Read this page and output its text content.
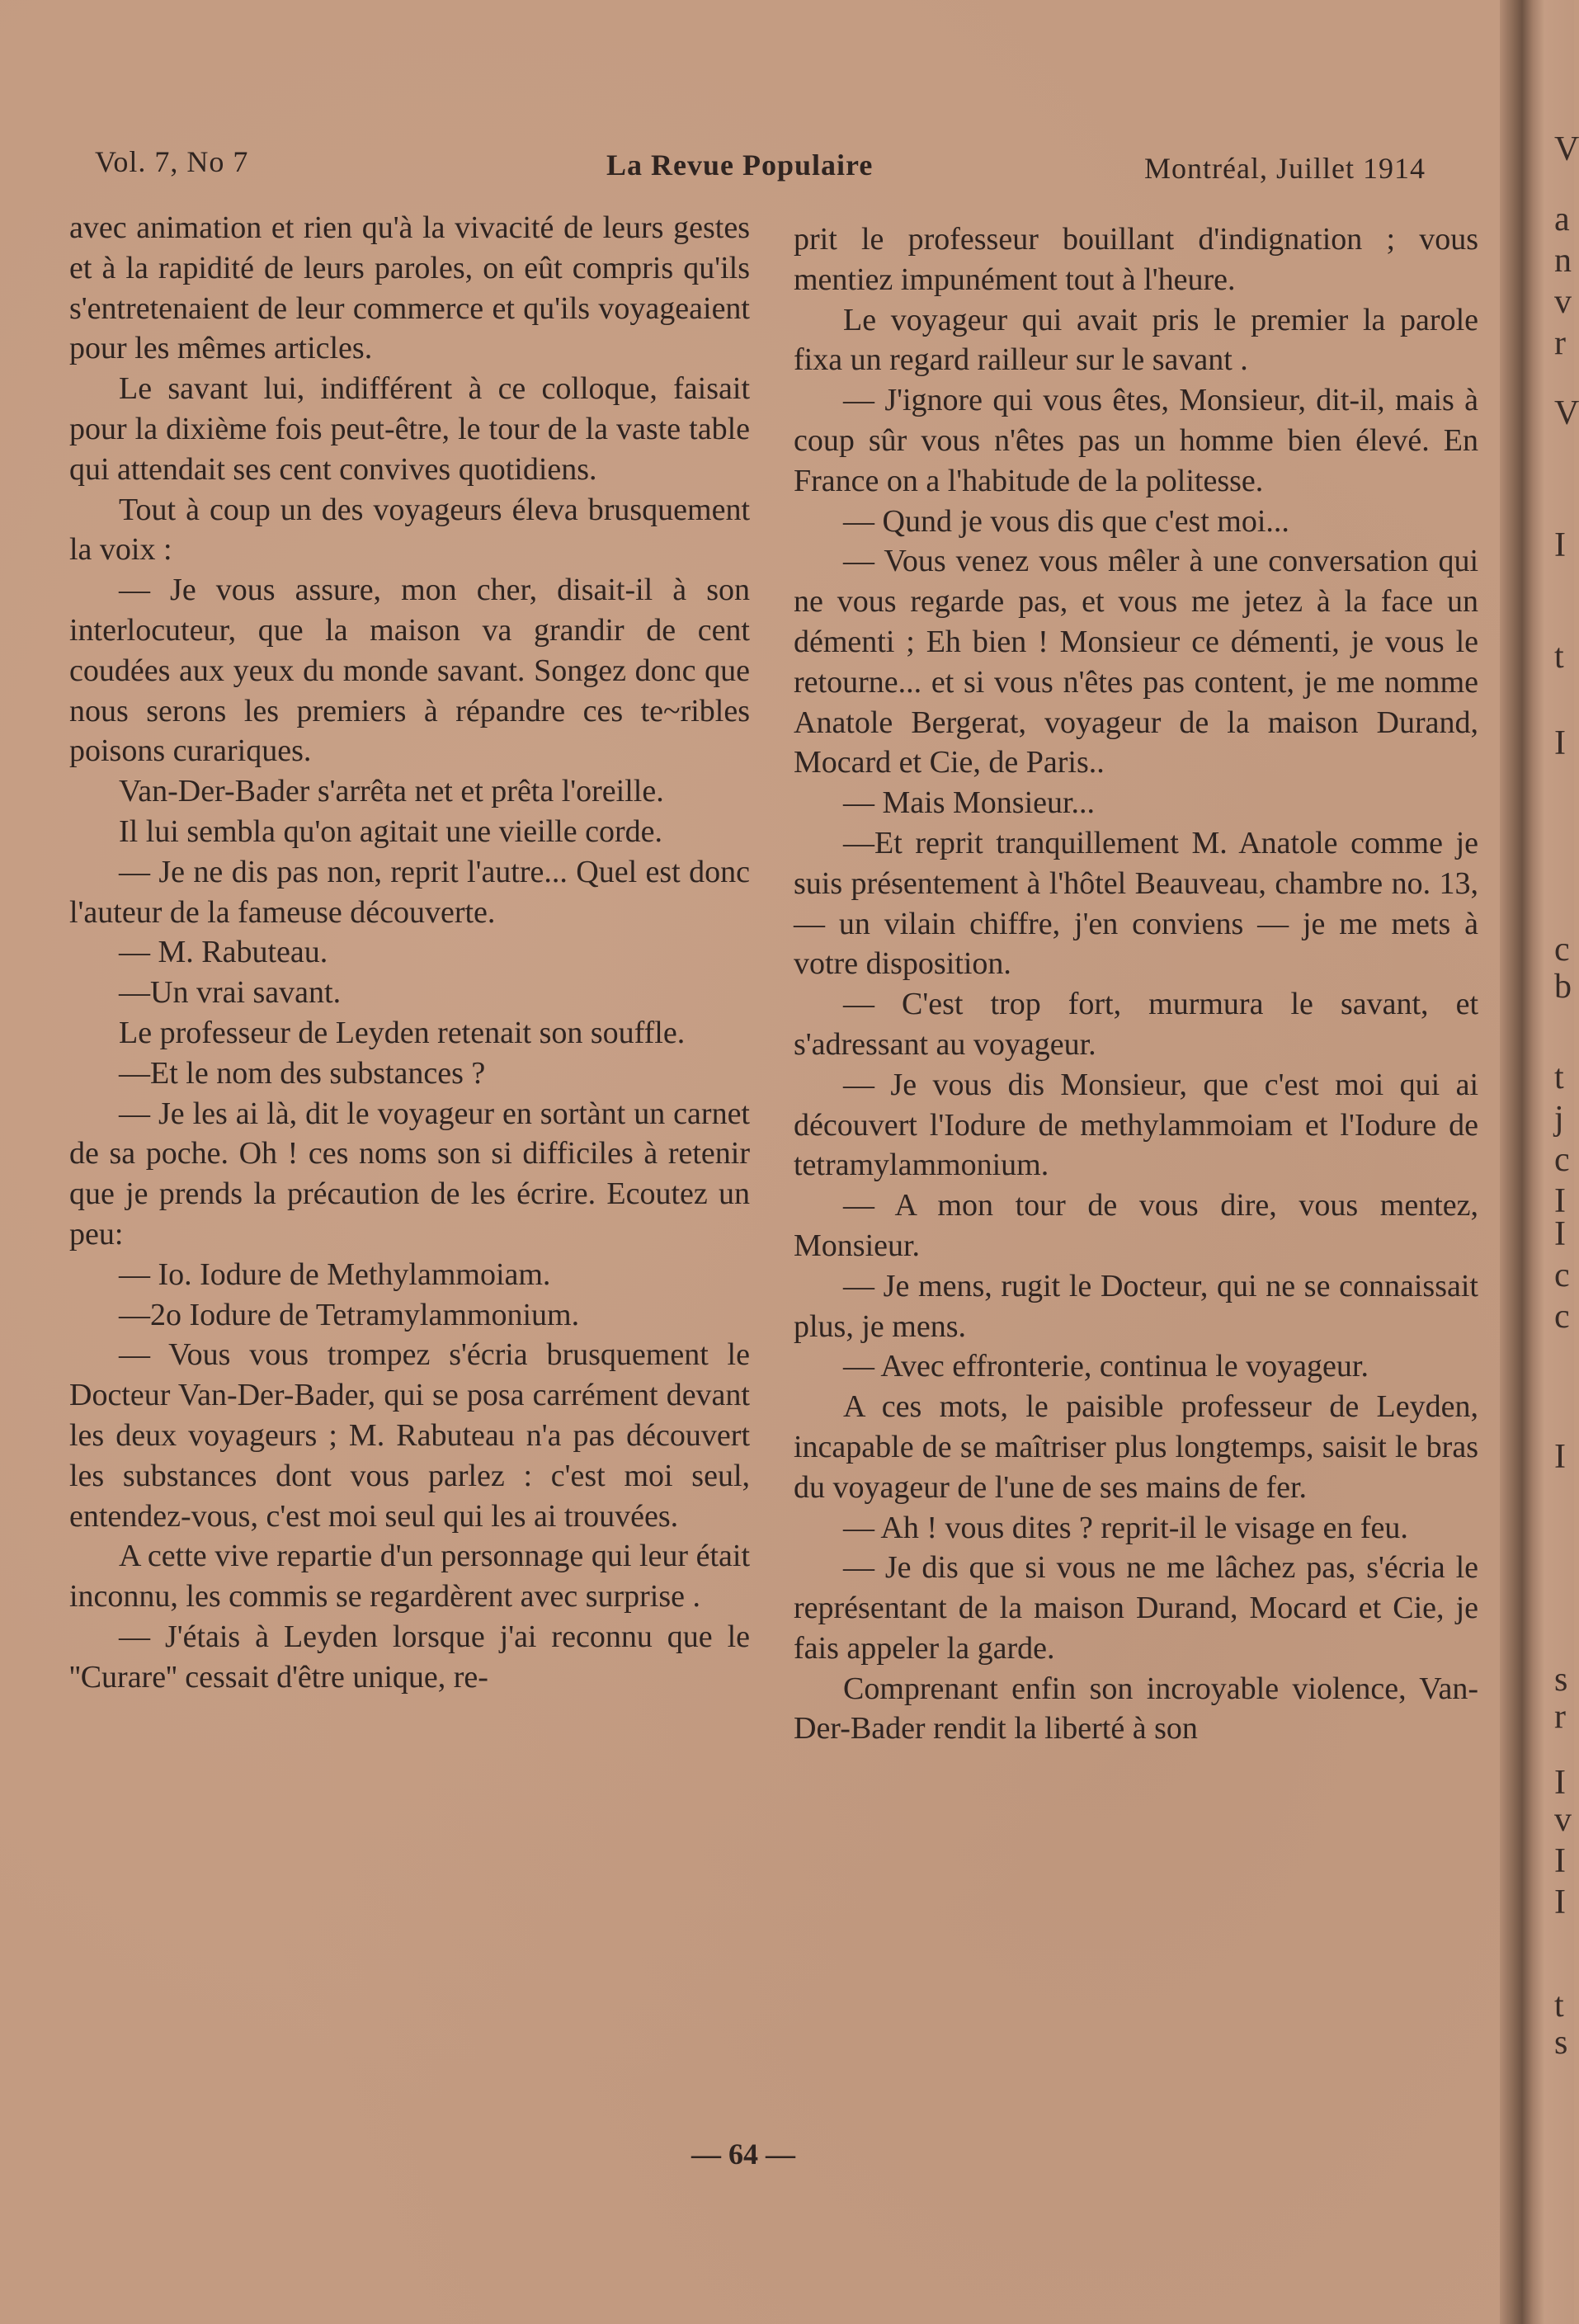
Vol. 7, No 7	La Revue Populaire	Montréal, Juillet 1914

avec animation et rien qu'à la vivacité de leurs gestes et à la rapidité de leurs paroles, on eût compris qu'ils s'entretenaient de leur commerce et qu'ils voyageaient pour les mêmes articles.

Le savant lui, indifférent à ce colloque, faisait pour la dixième fois peut-être, le tour de la vaste table qui attendait ses cent convives quotidiens.

Tout à coup un des voyageurs éleva brusquement la voix :

— Je vous assure, mon cher, disait-il à son interlocuteur, que la maison va grandir de cent coudées aux yeux du monde savant. Songez donc que nous serons les premiers à répandre ces te~ribles poisons curariques.

Van-Der-Bader s'arrêta net et prêta l'oreille.

Il lui sembla qu'on agitait une vieille corde.

— Je ne dis pas non, reprit l'autre... Quel est donc l'auteur de la fameuse découverte.

— M. Rabuteau.

—Un vrai savant.

Le professeur de Leyden retenait son souffle.

—Et le nom des substances ?

— Je les ai là, dit le voyageur en sortànt un carnet de sa poche. Oh ! ces noms son si difficiles à retenir que je prends la précaution de les écrire. Ecoutez un peu:

— Io. Iodure de Methylammoiam.

—2o Iodure de Tetramylammonium.

— Vous vous trompez s'écria brusquement le Docteur Van-Der-Bader, qui se posa carrément devant les deux voyageurs ; M. Rabuteau n'a pas découvert les substances dont vous parlez : c'est moi seul, entendez-vous, c'est moi seul qui les ai trouvées.

A cette vive repartie d'un personnage qui leur était inconnu, les commis se regardèrent avec surprise .

— J'étais à Leyden lorsque j'ai reconnu que le ''Curare'' cessait d'être unique, re-

prit le professeur bouillant d'indignation ; vous mentiez impunément tout à l'heure.

Le voyageur qui avait pris le premier la parole fixa un regard railleur sur le savant .

— J'ignore qui vous êtes, Monsieur, dit-il, mais à coup sûr vous n'êtes pas un homme bien élevé. En France on a l'habitude de la politesse.

— Qund je vous dis que c'est moi...

— Vous venez vous mêler à une conversation qui ne vous regarde pas, et vous me jetez à la face un démenti ; Eh bien ! Monsieur ce démenti, je vous le retourne... et si vous n'êtes pas content, je me nomme Anatole Bergerat, voyageur de la maison Durand, Mocard et Cie, de Paris..

— Mais Monsieur...

—Et reprit tranquillement M. Anatole comme je suis présentement à l'hôtel Beauveau, chambre no. 13, — un vilain chiffre, j'en conviens — je me mets à votre disposition.

— C'est trop fort, murmura le savant, et s'adressant au voyageur.

— Je vous dis Monsieur, que c'est moi qui ai découvert l'Iodure de methylammoiam et l'Iodure de tetramylammonium.

— A mon tour de vous dire, vous mentez, Monsieur.

— Je mens, rugit le Docteur, qui ne se connaissait plus, je mens.

— Avec effronterie, continua le voyageur.

A ces mots, le paisible professeur de Leyden, incapable de se maîtriser plus longtemps, saisit le bras du voyageur de l'une de ses mains de fer.

— Ah ! vous dites ? reprit-il le visage en feu.

— Je dis que si vous ne me lâchez pas, s'écria le représentant de la maison Durand, Mocard et Cie, je fais appeler la garde.

Comprenant enfin son incroyable violence, Van-Der-Bader rendit la liberté à son

— 64 —
V
a
n
v
r
V
I
t
I
c
b
t
j
c
I
I
c
c
I
s
r
I
v
I
I
t
s
